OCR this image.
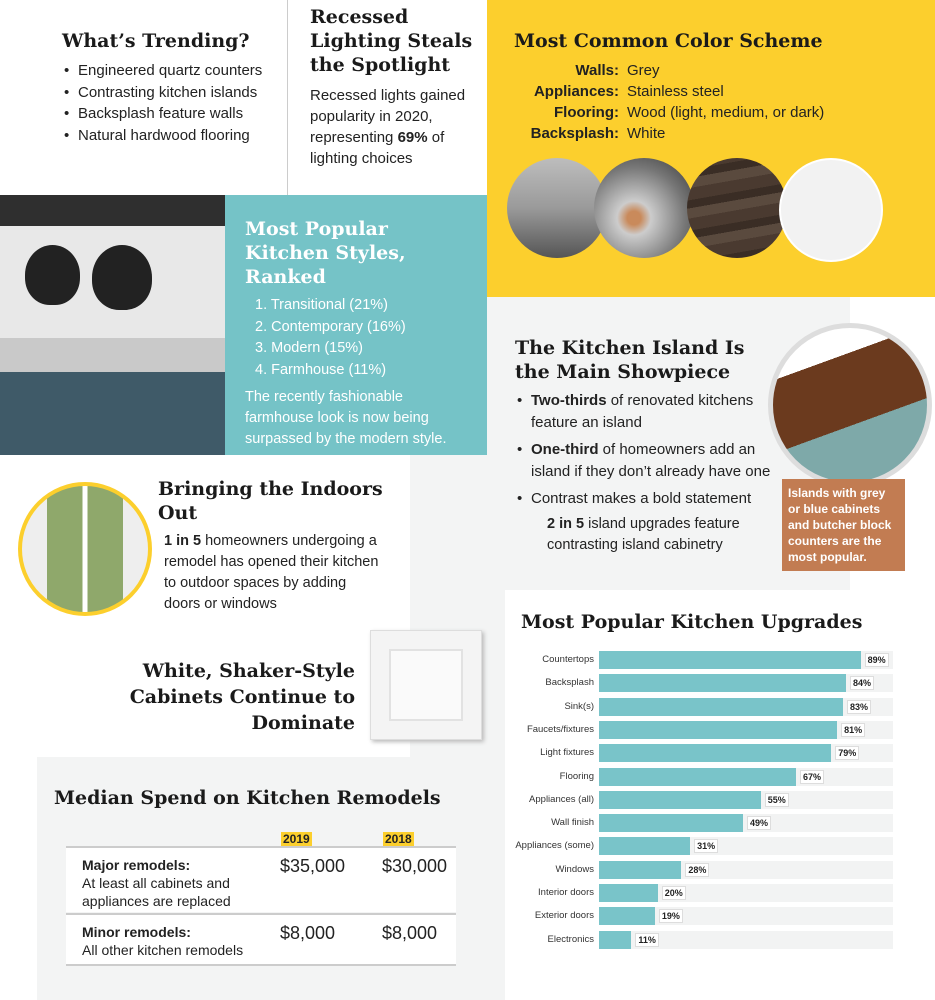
What’s Trending?
• Engineered quartz counters
• Contrasting kitchen islands
• Backsplash feature walls
• Natural hardwood flooring
Recessed Lighting Steals the Spotlight

Recessed lights gained popularity in 2020, representing 69% of lighting choices

Most Common Color Scheme
Walls: Grey
Appliances: Stainless steel
Flooring: Wood (light, medium, or dark)
Backsplash: White
Most Popular Kitchen Styles, Ranked
1. Transitional (21%)
2. Contemporary (16%)
3. Modern (15%)
4. Farmhouse (11%)

The recently fashionable farmhouse look is now being surpassed by the modern style.

The Kitchen Island Is the Main Showpiece
• Two-thirds of renovated kitchens feature an island
• One-third of homeowners add an island if they don’t already have one
• Contrast makes a bold statement

2 in 5 island upgrades feature contrasting island cabinetry

Islands with grey or blue cabinets and butcher block counters are the most popular.
Bringing the Indoors Out

1 in 5 homeowners undergoing a remodel has opened their kitchen to outdoor spaces by adding doors or windows

White, Shaker-Style Cabinets Continue to Dominate
Median Spend on Kitchen Remodels
2019	2018
Major remodels:
At least all cabinets and appliances are replaced
$35,000 $30,000
Minor remodels:
All other kitchen remodels
$8,000	$8,000
Most Popular Kitchen Upgrades
Countertops	89%
Backsplash	84%
Sink(s)	83%
Faucets/fixtures	81%
Light fixtures	79%
Flooring	67%
Appliances (all)	55%
Wall finish	49%
Appliances (some)	31%
Windows	28%
Interior doors	20%
Exterior doors	19%
Electronics	11%
